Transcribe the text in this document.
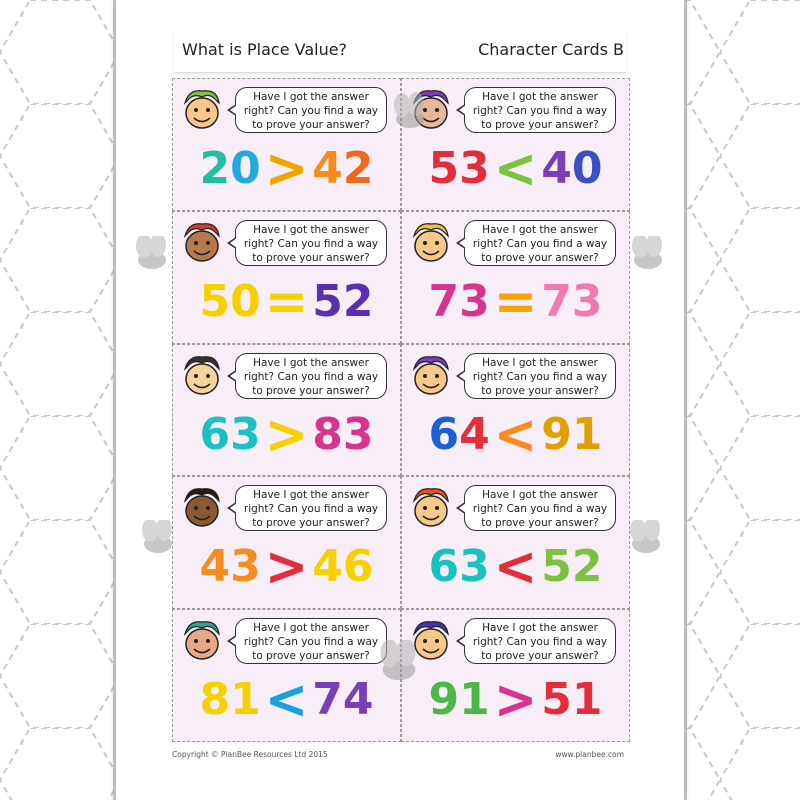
What is Place Value?	Character Cards B
Have I got the answer right? Can you find a way to prove your answer?
20 > 42
Have I got the answer right? Can you find a way to prove your answer?
53 < 40
Have I got the answer right? Can you find a way to prove your answer?
50 = 52
Have I got the answer right? Can you find a way to prove your answer?
73 = 73
Have I got the answer right? Can you find a way to prove your answer?
63 > 83
Have I got the answer right? Can you find a way to prove your answer?
64 < 91
Have I got the answer right? Can you find a way to prove your answer?
43 > 46
Have I got the answer right? Can you find a way to prove your answer?
63 < 52
Have I got the answer right? Can you find a way to prove your answer?
81 < 74
Have I got the answer right? Can you find a way to prove your answer?
91 > 51
Copyright © PlanBee Resources Ltd 2015	www.planbee.com
